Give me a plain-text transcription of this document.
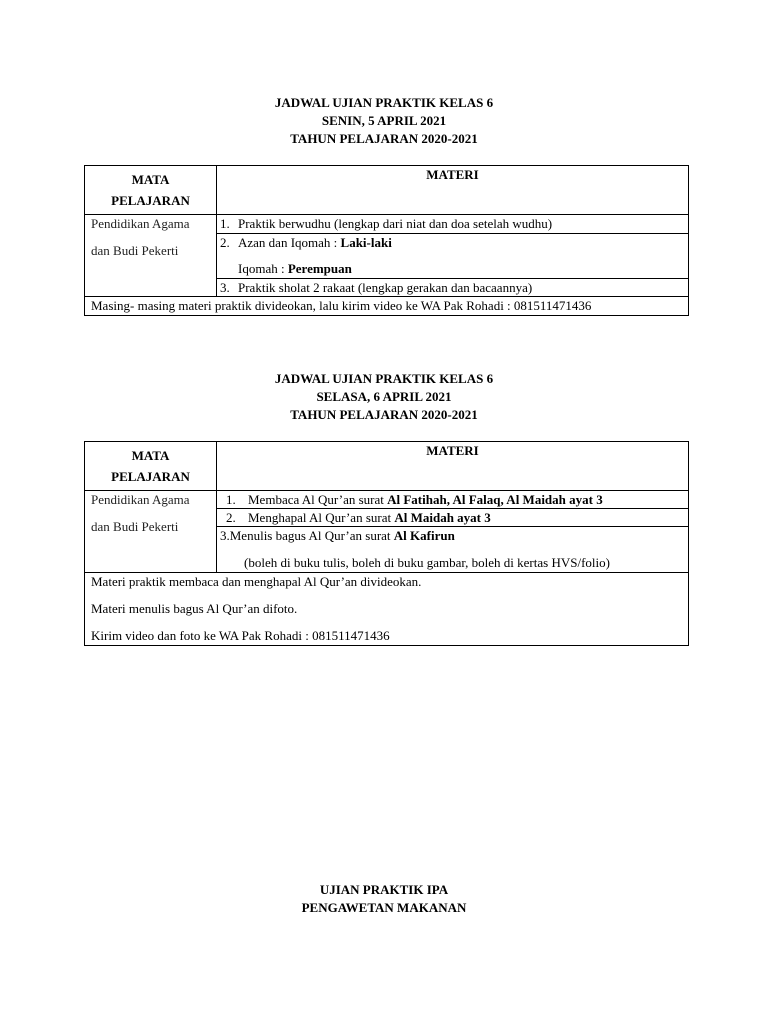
JADWAL UJIAN PRAKTIK KELAS 6
SENIN, 5 APRIL 2021
TAHUN PELAJARAN 2020-2021
MATA
PELAJARAN	MATERI

Pendidikan Agama
dan Budi Pekerti	1. Praktik berwudhu (lengkap dari niat dan doa setelah wudhu)

	2. Azan dan Iqomah : Laki-laki
Iqomah : Perempuan

	3. Praktik sholat 2 rakaat (lengkap gerakan dan bacaannya)
Masing- masing materi praktik divideokan, lalu kirim video ke WA Pak Rohadi : 081511471436	
JADWAL UJIAN PRAKTIK KELAS 6
SELASA, 6 APRIL 2021
TAHUN PELAJARAN 2020-2021
MATA
PELAJARAN	MATERI

Pendidikan Agama
dan Budi Pekerti	1. Membaca Al Qur’an surat Al Fatihah, Al Falaq, Al Maidah ayat 3
	2. Menghapal Al Qur’an surat Al Maidah ayat 3

	3.Menulis bagus Al Qur’an surat Al Kafirun
(boleh di buku tulis, boleh di buku gambar, boleh di kertas HVS/folio)

Materi praktik membaca dan menghapal Al Qur’an divideokan.
Materi menulis bagus Al Qur’an difoto.
Kirim video dan foto ke WA Pak Rohadi : 081511471436	
UJIAN PRAKTIK IPA
PENGAWETAN MAKANAN
